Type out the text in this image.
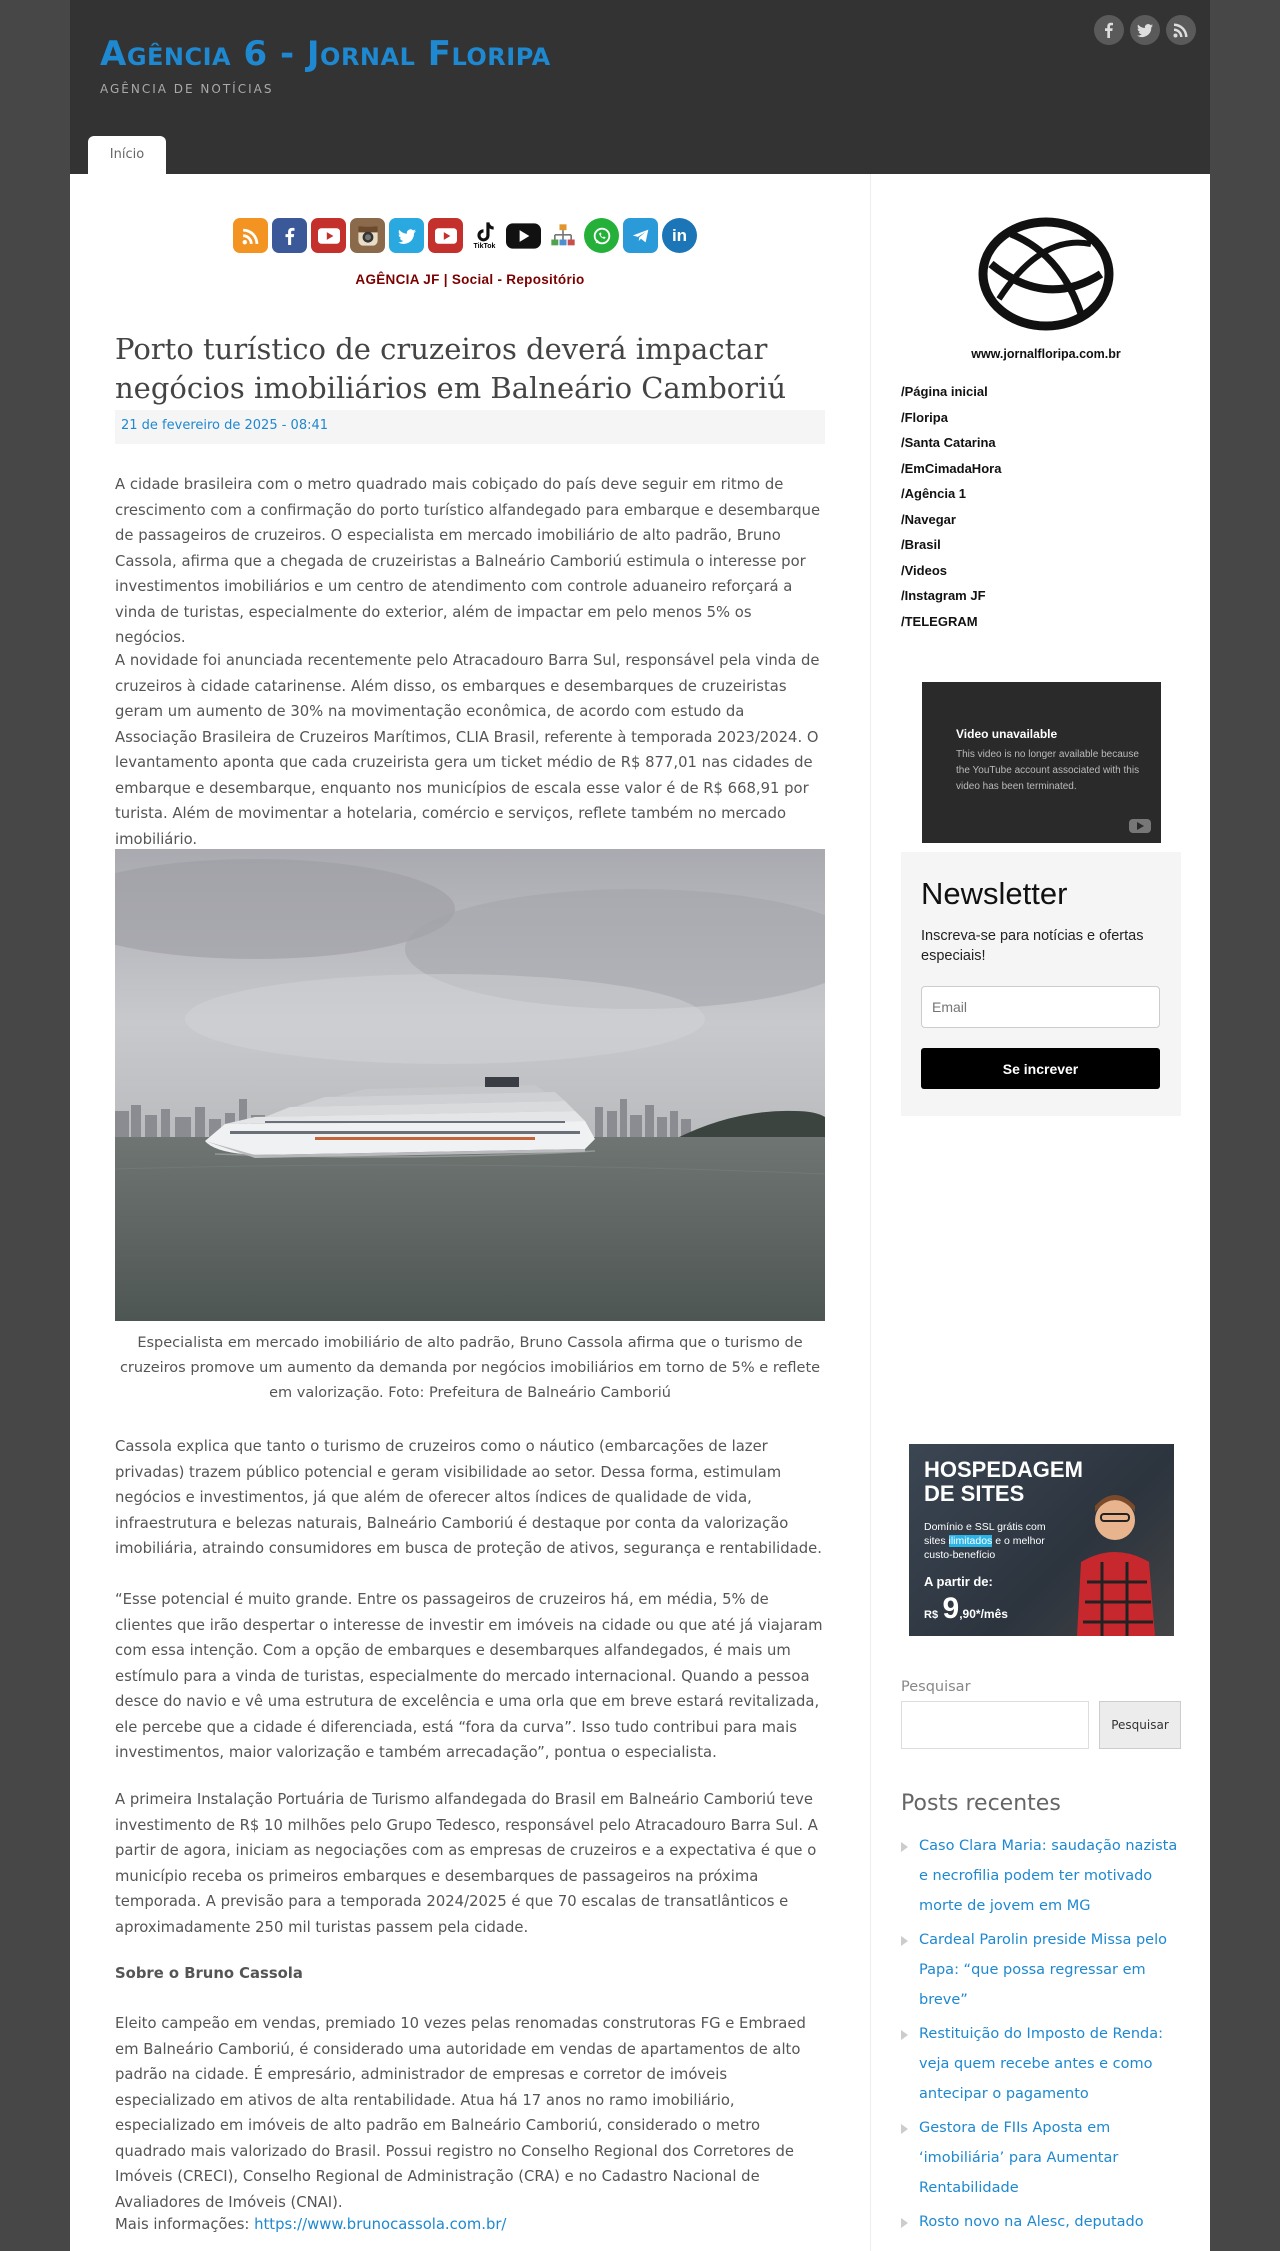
Agência 6 - Jornal Floripa
AGÊNCIA DE NOTÍCIAS
Início
TikTok
in
AGÊNCIA JF | Social - Repositório
Porto turístico de cruzeiros deverá impactar negócios imobiliários em Balneário Camboriú
21 de fevereiro de 2025 - 08:41

A cidade brasileira com o metro quadrado mais cobiçado do país deve seguir em ritmo de crescimento com a confirmação do porto turístico alfandegado para embarque e desembarque de passageiros de cruzeiros. O especialista em mercado imobiliário de alto padrão, Bruno Cassola, afirma que a chegada de cruzeiristas a Balneário Camboriú estimula o interesse por investimentos imobiliários e um centro de atendimento com controle aduaneiro reforçará a vinda de turistas, especialmente do exterior, além de impactar em pelo menos 5% os negócios.

A novidade foi anunciada recentemente pelo Atracadouro Barra Sul, responsável pela vinda de cruzeiros à cidade catarinense. Além disso, os embarques e desembarques de cruzeiristas geram um aumento de 30% na movimentação econômica, de acordo com estudo da Associação Brasileira de Cruzeiros Marítimos, CLIA Brasil, referente à temporada 2023/2024. O levantamento aponta que cada cruzeirista gera um ticket médio de R$ 877,01 nas cidades de embarque e desembarque, enquanto nos municípios de escala esse valor é de R$ 668,91 por turista. Além de movimentar a hotelaria, comércio e serviços, reflete também no mercado imobiliário.

Especialista em mercado imobiliário de alto padrão, Bruno Cassola afirma que o turismo de cruzeiros promove um aumento da demanda por negócios imobiliários em torno de 5% e reflete em valorização. Foto: Prefeitura de Balneário Camboriú

Cassola explica que tanto o turismo de cruzeiros como o náutico (embarcações de lazer privadas) trazem público potencial e geram visibilidade ao setor. Dessa forma, estimulam negócios e investimentos, já que além de oferecer altos índices de qualidade de vida, infraestrutura e belezas naturais, Balneário Camboriú é destaque por conta da valorização imobiliária, atraindo consumidores em busca de proteção de ativos, segurança e rentabilidade.

“Esse potencial é muito grande. Entre os passageiros de cruzeiros há, em média, 5% de clientes que irão despertar o interesse de investir em imóveis na cidade ou que até já viajaram com essa intenção. Com a opção de embarques e desembarques alfandegados, é mais um estímulo para a vinda de turistas, especialmente do mercado internacional. Quando a pessoa desce do navio e vê uma estrutura de excelência e uma orla que em breve estará revitalizada, ele percebe que a cidade é diferenciada, está “fora da curva”. Isso tudo contribui para mais investimentos, maior valorização e também arrecadação”, pontua o especialista.

A primeira Instalação Portuária de Turismo alfandegada do Brasil em Balneário Camboriú teve investimento de R$ 10 milhões pelo Grupo Tedesco, responsável pelo Atracadouro Barra Sul. A partir de agora, iniciam as negociações com as empresas de cruzeiros e a expectativa é que o município receba os primeiros embarques e desembarques de passageiros na próxima temporada. A previsão para a temporada 2024/2025 é que 70 escalas de transatlânticos e aproximadamente 250 mil turistas passem pela cidade.

Sobre o Bruno Cassola

Eleito campeão em vendas, premiado 10 vezes pelas renomadas construtoras FG e Embraed em Balneário Camboriú, é considerado uma autoridade em vendas de apartamentos de alto padrão na cidade. É empresário, administrador de empresas e corretor de imóveis especializado em ativos de alta rentabilidade. Atua há 17 anos no ramo imobiliário, especializado em imóveis de alto padrão em Balneário Camboriú, considerado o metro quadrado mais valorizado do Brasil. Possui registro no Conselho Regional dos Corretores de Imóveis (CRECI), Conselho Regional de Administração (CRA) e no Cadastro Nacional de Avaliadores de Imóveis (CNAI).

Mais informações: https://www.brunocassola.com.br/

www.jornalfloripa.com.br
/Página inicial
/Floripa
/Santa Catarina
/EmCimadaHora
/Agência 1
/Navegar
/Brasil
/Videos
/Instagram JF
/TELEGRAM
Video unavailable
This video is no longer available because the YouTube account associated with this video has been terminated.
Newsletter

Inscreva-se para notícias e ofertas especiais!

Email
Se increver
HOSPEDAGEM DE SITES
Domínio e SSL grátis com sites ilimitados e o melhor custo-benefício
A partir de:
R$ 9,90*/mês
Pesquisar
Pesquisar
Posts recentes
Caso Clara Maria: saudação nazista e necrofilia podem ter motivado morte de jovem em MG
Cardeal Parolin preside Missa pelo Papa: “que possa regressar em breve”
Restituição do Imposto de Renda: veja quem recebe antes e como antecipar o pagamento
Gestora de FIIs Aposta em ‘imobiliária’ para Aumentar Rentabilidade
Rosto novo na Alesc, deputado
